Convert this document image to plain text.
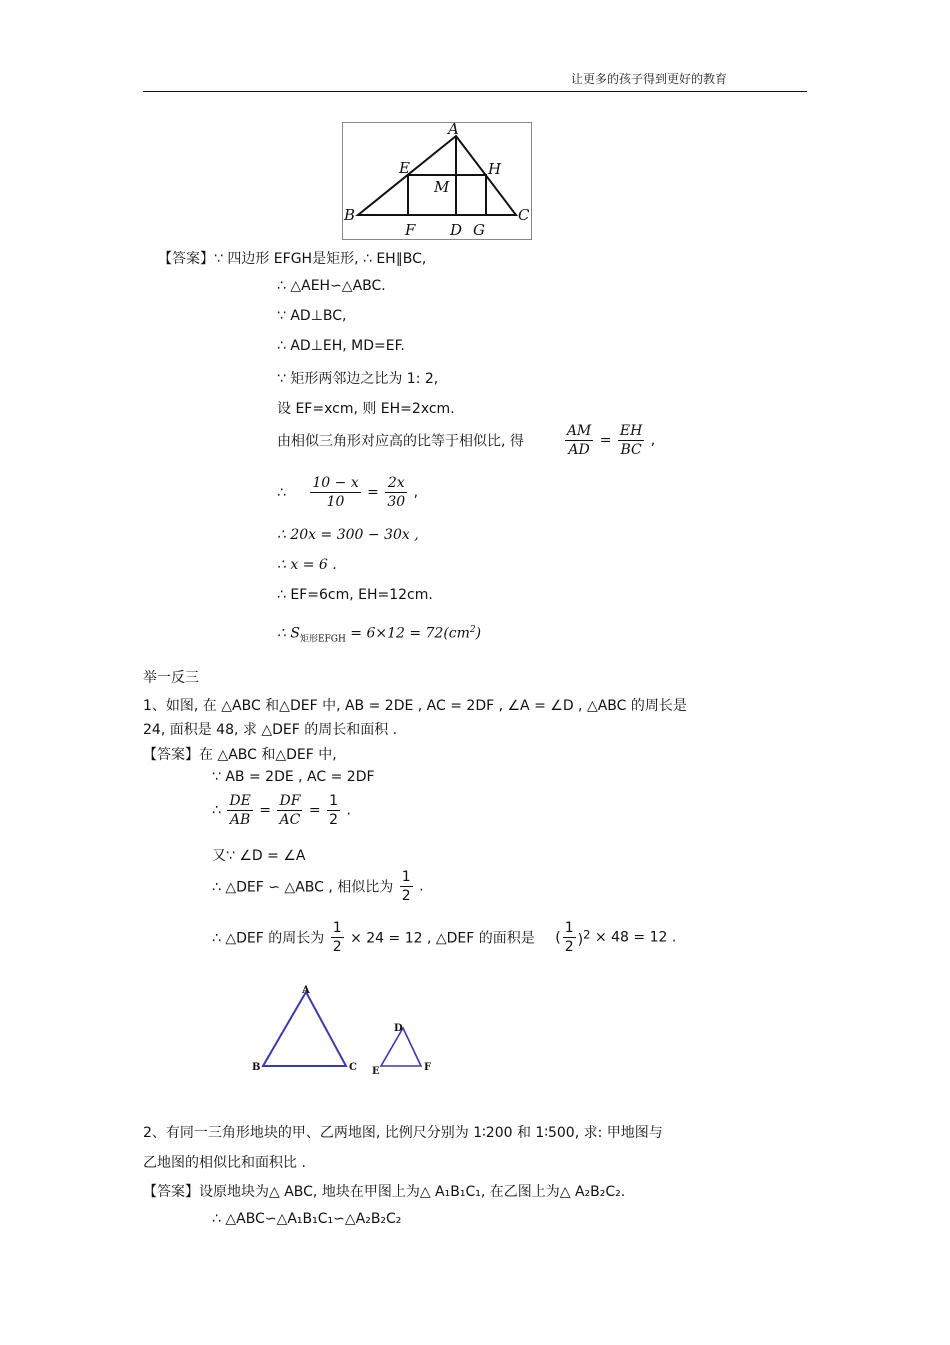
让更多的孩子得到更好的教育
A
E	H
M
B	C
F D G
【答案】∵ 四边形 EFGH是矩形, ∴ EH∥BC,
∴ △AEH∽△ABC.
∵ AD⊥BC,
∴ AD⊥EH, MD=EF.
∵ 矩形两邻边之比为 1: 2,
设 EF=xcm, 则 EH=2xcm.
由相似三角形对应高的比等于相似比, 得	$\frac{AM}{AD} = \frac{EH}{BC}$ ,
∴ $\frac{10 - x}{10} = \frac{2x}{30}$ ,
∴ 20x = 300 − 30x ,
∴ x = 6 .
∴ EF=6cm, EH=12cm.
∴ $S_{矩形EFGH} = 6\times 12 = 72(cm^2)$
举一反三
1、如图, 在 △ABC 和△DEF 中, AB = 2DE , AC = 2DF , ∠A = ∠D , △ABC 的周长是
24, 面积是 48, 求 △DEF 的周长和面积 .
【答案】在 △ABC 和△DEF 中,
∵ AB = 2DE , AC = 2DF
∴ $\frac{DE}{AB} = \frac{DF}{AC} = \frac{1}{2}$ .
又∵ ∠D = ∠A
∴ △DEF ∽ △ABC , 相似比为 $\frac{1}{2}$ .
∴ △DEF 的周长为 $\frac{1}{2} \times 24 = 12$ , △DEF 的面积是 ( $\frac{1}{2} )^2 \times 48 = 12$ .
A
B	C
D
E	F
2、有同一三角形地块的甲、乙两地图, 比例尺分别为 1∶200 和 1∶500, 求: 甲地图与
乙地图的相似比和面积比 .
【答案】设原地块为△ ABC, 地块在甲图上为△ A₁B₁C₁, 在乙图上为△ A₂B₂C₂.
∴ △ABC∽△A₁B₁C₁∽△A₂B₂C₂
